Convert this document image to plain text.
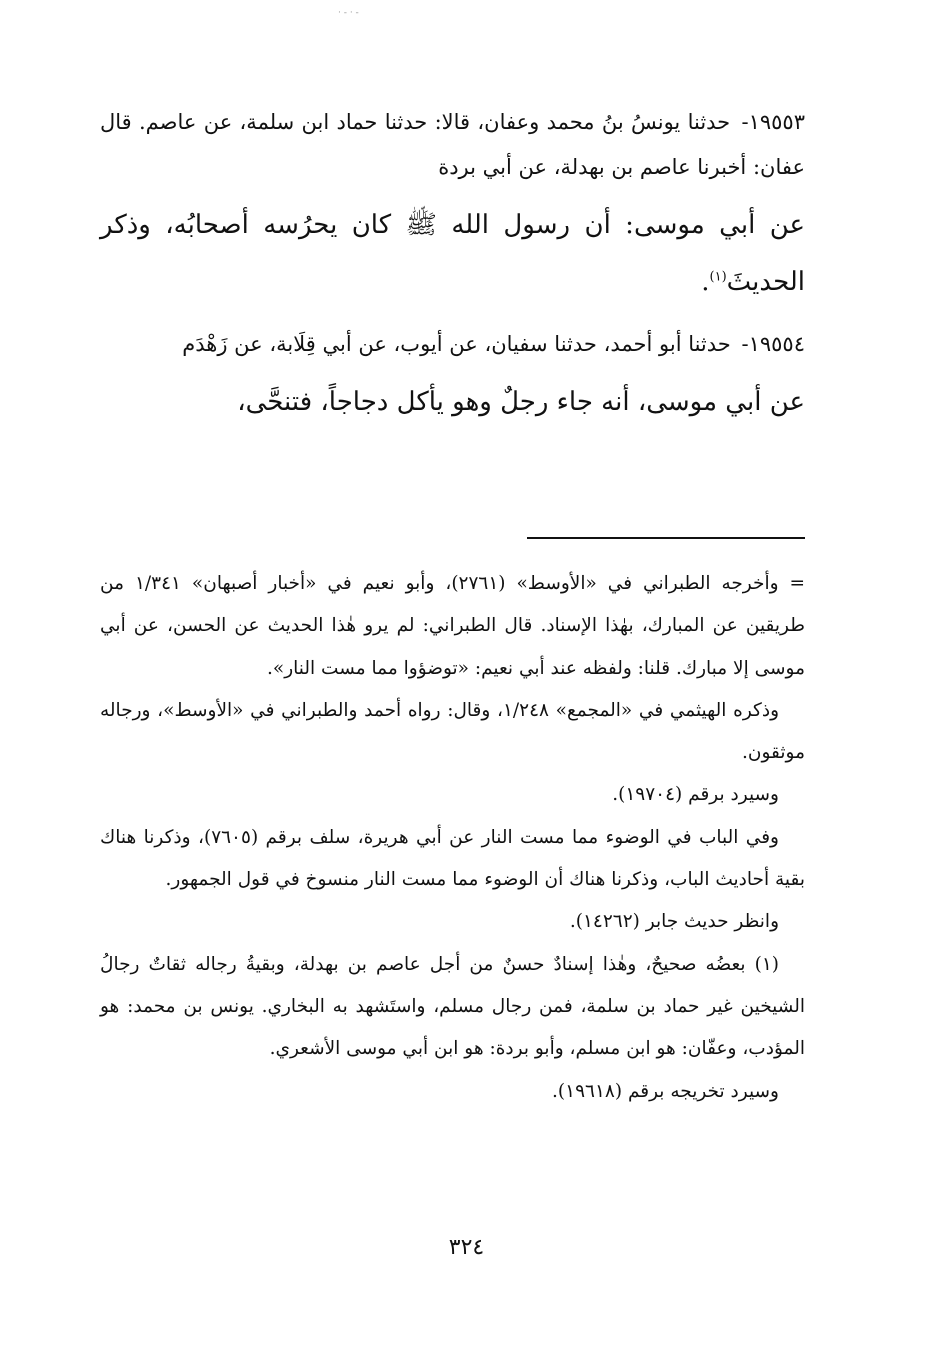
· - · -
١٩٥٥٣- حدثنا يونسُ بنُ محمد وعفان، قالا: حدثنا حماد ابن سلمة، عن عاصم. قال عفان: أخبرنا عاصم بن بهدلة، عن أبي بردة
عن أبي موسى: أن رسول الله ﷺ كان يحرُسه أصحابُه، وذكر الحديثَ$^{(١)}$.
١٩٥٥٤- حدثنا أبو أحمد، حدثنا سفيان، عن أيوب، عن أبي قِلَابة، عن زَهْدَم
عن أبي موسى، أنه جاء رجلٌ وهو يأكل دجاجاً، فتنحَّى،

= وأخرجه الطبراني في «الأوسط» (٢٧٦١)، وأبو نعيم في «أخبار أصبهان» ١/٣٤١ من طريقين عن المبارك، بهٰذا الإسناد. قال الطبراني: لم يرو هٰذا الحديث عن الحسن، عن أبي موسى إلا مبارك. قلنا: ولفظه عند أبي نعيم: «توضؤوا مما مست النار».

وذكره الهيثمي في «المجمع» ١/٢٤٨، وقال: رواه أحمد والطبراني في «الأوسط»، ورجاله موثقون.

وسيرد برقم (١٩٧٠٤).

وفي الباب في الوضوء مما مست النار عن أبي هريرة، سلف برقم (٧٦٠٥)، وذكرنا هناك بقية أحاديث الباب، وذكرنا هناك أن الوضوء مما مست النار منسوخ في قول الجمهور.

وانظر حديث جابر (١٤٢٦٢).

(١) بعضُه صحيحٌ، وهٰذا إسنادٌ حسنٌ من أجل عاصم بن بهدلة، وبقيةُ رجاله ثقاتٌ رجالُ الشيخين غير حماد بن سلمة، فمن رجال مسلم، واستَشهد به البخاري. يونس بن محمد: هو المؤدب، وعفّان: هو ابن مسلم، وأبو بردة: هو ابن أبي موسى الأشعري.

وسيرد تخريجه برقم (١٩٦١٨).

٣٢٤
